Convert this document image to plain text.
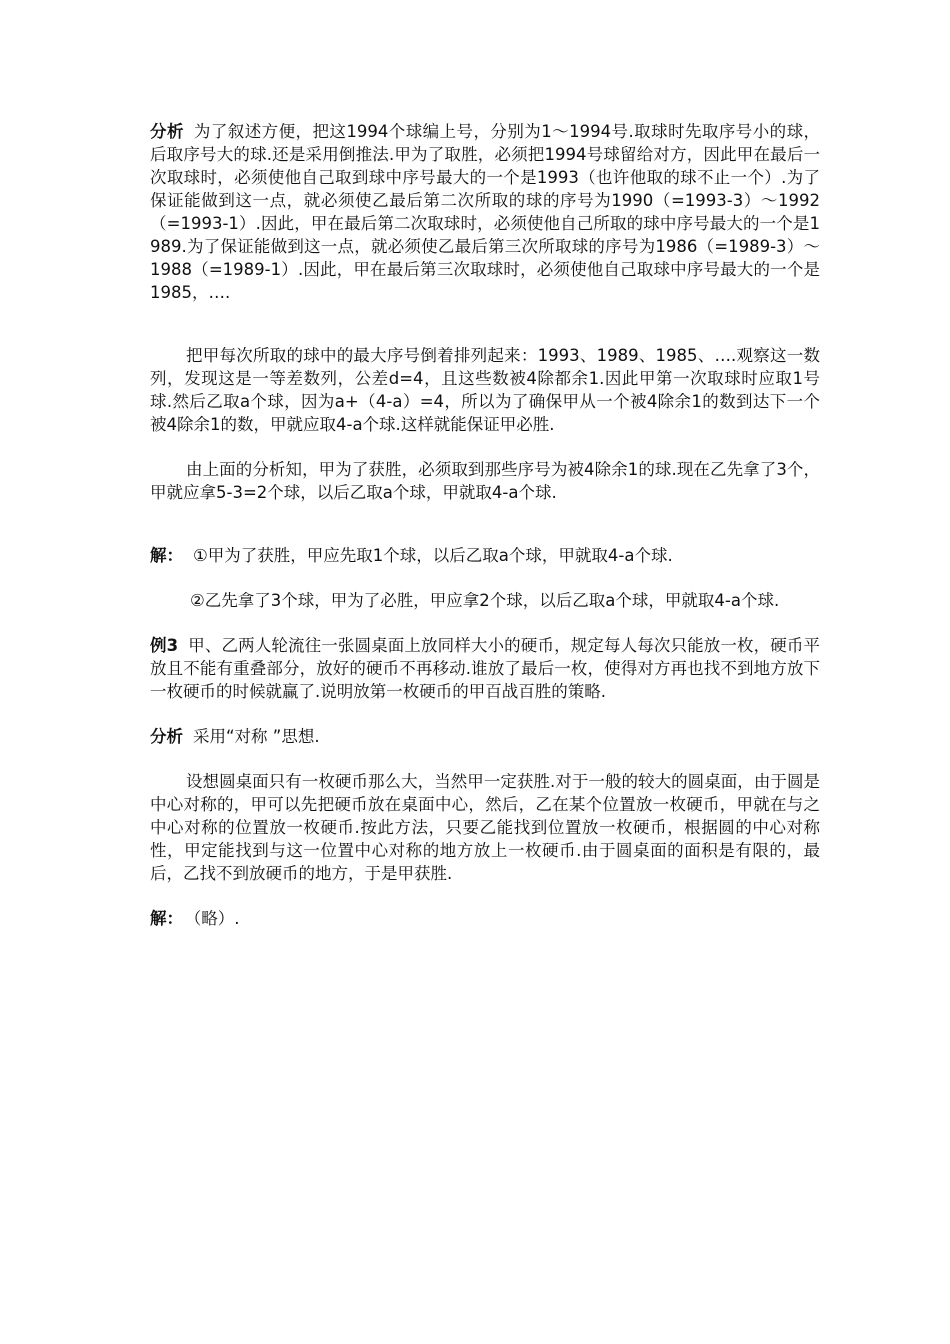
分析 为了叙述方便，把这1994个球编上号，分别为1～1994号.取球时先取序号小的球，后取序号大的球.还是采用倒推法.甲为了取胜，必须把1994号球留给对方，因此甲在最后一次取球时，必须使他自己取到球中序号最大的一个是1993（也许他取的球不止一个）.为了保证能做到这一点，就必须使乙最后第二次所取的球的序号为1990（=1993-3）～1992（=1993-1）.因此，甲在最后第二次取球时，必须使他自己所取的球中序号最大的一个是1989.为了保证能做到这一点，就必须使乙最后第三次所取球的序号为1986（=1989-3）～1988（=1989-1）.因此，甲在最后第三次取球时，必须使他自己取球中序号最大的一个是1985，….

把甲每次所取的球中的最大序号倒着排列起来：1993、1989、1985、….观察这一数列，发现这是一等差数列，公差d=4，且这些数被4除都余1.因此甲第一次取球时应取1号球.然后乙取a个球，因为a+（4-a）=4，所以为了确保甲从一个被4除余1的数到达下一个被4除余1的数，甲就应取4-a个球.这样就能保证甲必胜.

由上面的分析知，甲为了获胜，必须取到那些序号为被4除余1的球.现在乙先拿了3个，甲就应拿5-3=2个球，以后乙取a个球，甲就取4-a个球.

解： ①甲为了获胜，甲应先取1个球，以后乙取a个球，甲就取4-a个球.

②乙先拿了3个球，甲为了必胜，甲应拿2个球，以后乙取a个球，甲就取4-a个球.

例3 甲、乙两人轮流往一张圆桌面上放同样大小的硬币，规定每人每次只能放一枚，硬币平放且不能有重叠部分，放好的硬币不再移动.谁放了最后一枚，使得对方再也找不到地方放下一枚硬币的时候就赢了.说明放第一枚硬币的甲百战百胜的策略.

分析 采用“对称 ”思想.

设想圆桌面只有一枚硬币那么大，当然甲一定获胜.对于一般的较大的圆桌面，由于圆是中心对称的，甲可以先把硬币放在桌面中心，然后，乙在某个位置放一枚硬币，甲就在与之中心对称的位置放一枚硬币.按此方法，只要乙能找到位置放一枚硬币，根据圆的中心对称性，甲定能找到与这一位置中心对称的地方放上一枚硬币.由于圆桌面的面积是有限的，最后，乙找不到放硬币的地方，于是甲获胜.

解： （略）.
